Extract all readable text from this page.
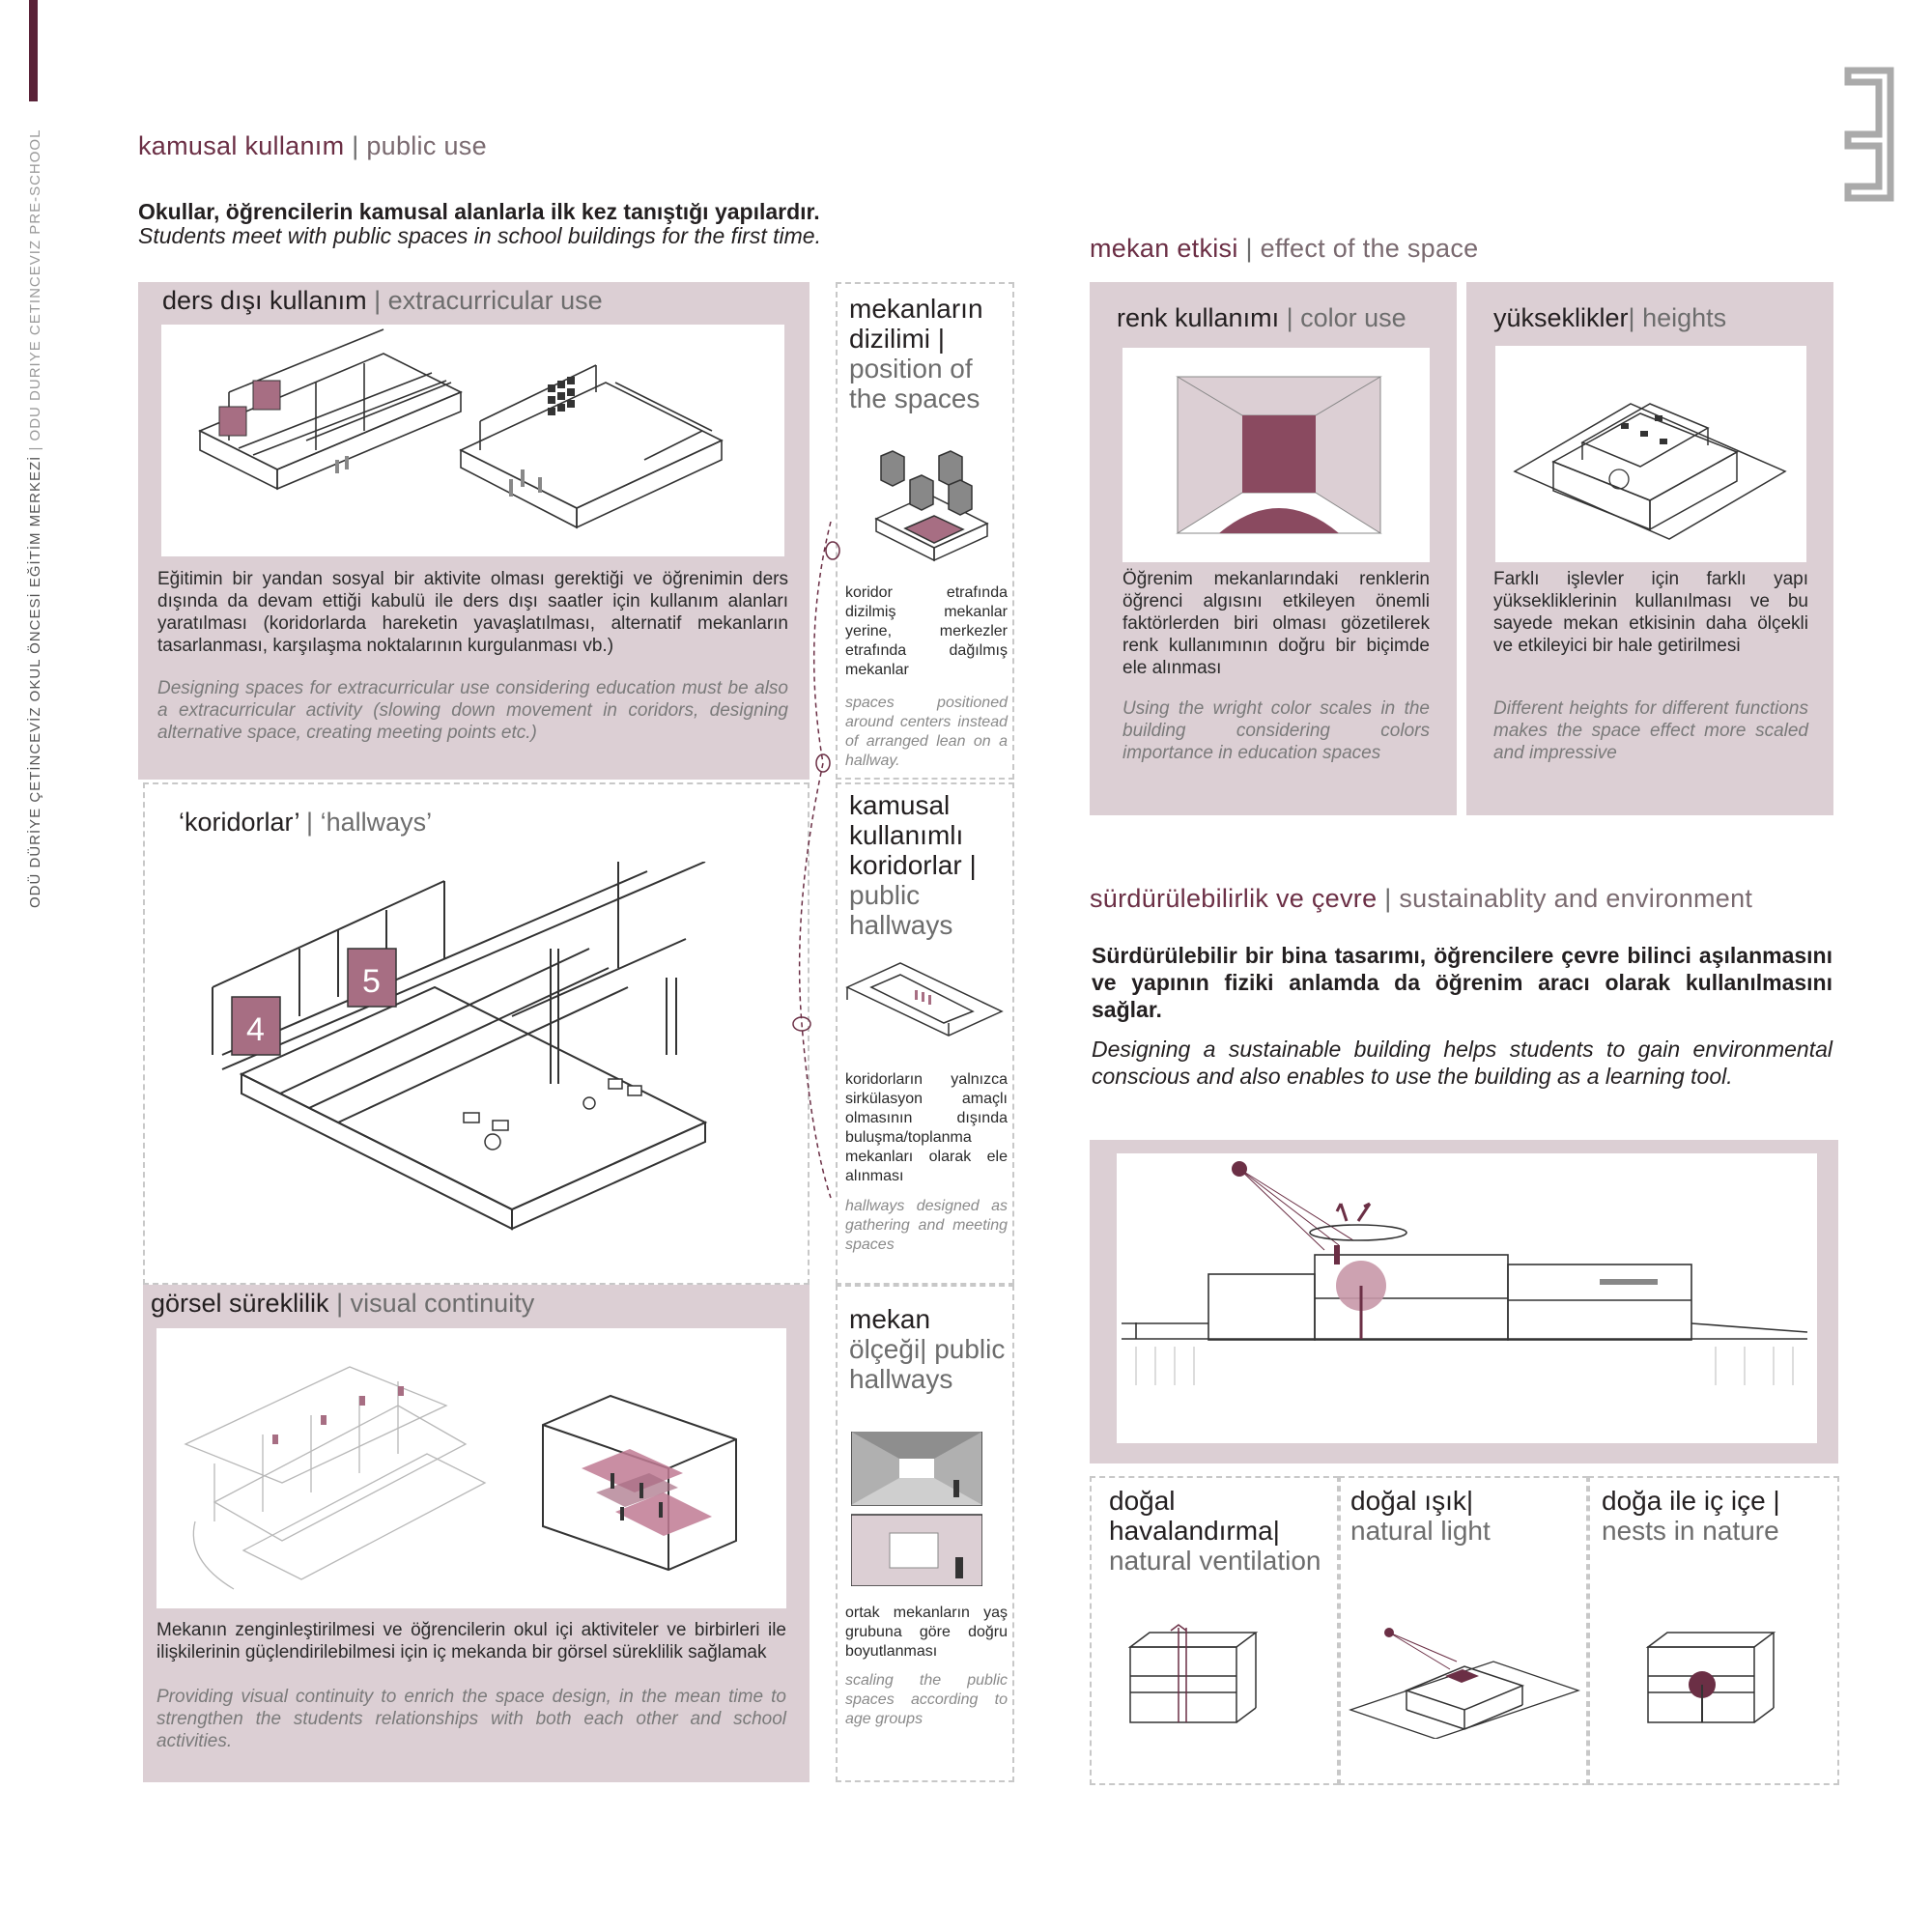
ODÜ DÜRİYE ÇETİNCEVİZ OKUL ÖNCESİ EĞİTİM MERKEZİ | ODU DURIYE CETINCEVIZ PRE-SCHOOL	kamusal kullanım | public use
Okullar, öğrencilerin kamusal alanlarla ilk kez tanıştığı yapılardır.
Students meet with public spaces in school buildings for the first time.
ders dışı kullanım | extracurricular use
Eğitimin bir yandan sosyal bir aktivite olması gerektiği ve öğrenimin ders dışında da devam ettiği kabulü ile ders dışı saatler için kullanım alanları yaratılması (koridorlarda hareketin yavaşlatılması, alternatif mekanların tasarlanması, karşılaşma noktalarının kurgulanması vb.)
Designing spaces for extracurricular use considering education must be also a extracurricular activity (slowing down movement in coridors, designing alternative space, creating meeting points etc.)
‘koridorlar’ | ‘hallways’
4
5
görsel süreklilik | visual continuity
Mekanın zenginleştirilmesi ve öğrencilerin okul içi aktiviteler ve birbirleri ile ilişkilerinin güçlendirilebilmesi için iç mekanda bir görsel süreklilik sağlamak
Providing visual continuity to enrich the space design, in the mean time to strengthen the students relationships with both each other and school activities.
mekanların dizilimi |
position of the spaces
koridor etrafında dizilmiş mekanlar yerine, merkezler etrafında dağılmış mekanlar
spaces positioned around centers instead of arranged lean on a hallway.
kamusal kullanımlı koridorlar |
public hallways
koridorların yalnızca sirkülasyon amaçlı olmasının dışında buluşma/toplanma mekanları olarak ele alınması
hallways designed as gathering and meeting spaces
mekan
ölçeği| public hallways
ortak mekanların yaş grubuna göre doğru boyutlanması
scaling the public spaces according to age groups
mekan etkisi | effect of the space
renk kullanımı | color use
Öğrenim mekanlarındaki renklerin öğrenci algısını etkileyen önemli faktörlerden biri olması gözetilerek renk kullanımının doğru bir biçimde ele alınması
Using the wright color scales in the building considering colors importance in education spaces
yükseklikler| heights
Farklı işlevler için farklı yapı yüksekliklerinin kullanılması ve bu sayede mekan etkisinin daha ölçekli ve etkileyici bir hale getirilmesi
Different heights for different functions makes the space effect more scaled and impressive
sürdürülebilirlik ve çevre | sustainablity and environment
Sürdürülebilir bir bina tasarımı, öğrencilere çevre bilinci aşılanmasını ve yapının fiziki anlamda da öğrenim aracı olarak kullanılmasını sağlar.
Designing a sustainable building helps students to gain environmental conscious and also enables to use the building as a learning tool.
doğal havalandırma|
natural ventilation
doğal ışık|
natural light
doğa ile iç içe |
nests in nature
